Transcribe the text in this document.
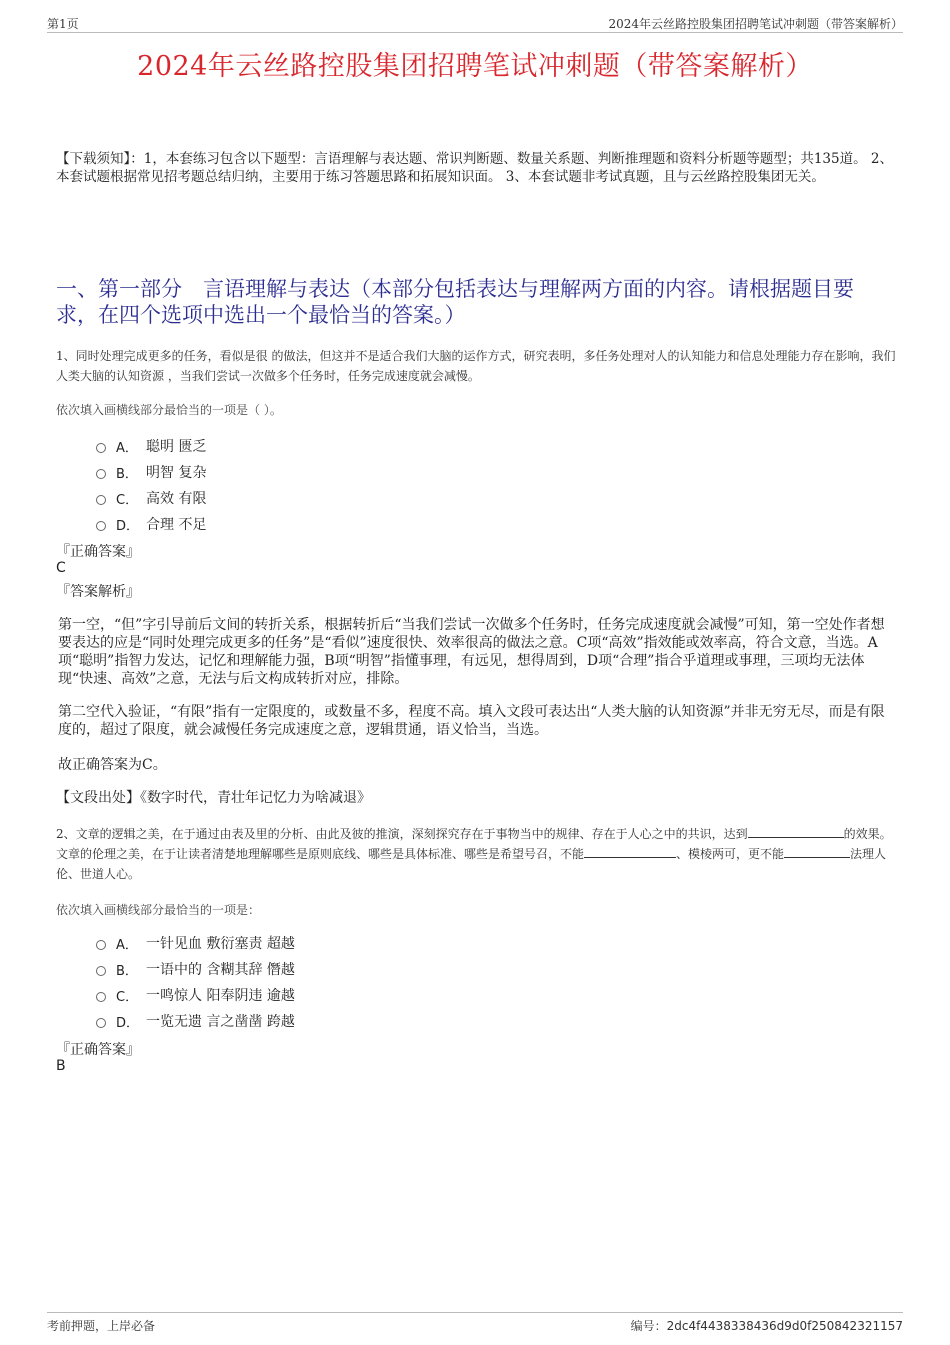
第1页	2024年云丝路控股集团招聘笔试冲刺题（带答案解析）
2024年云丝路控股集团招聘笔试冲刺题（带答案解析）
【下载须知】：1，本套练习包含以下题型：言语理解与表达题、常识判断题、数量关系题、判断推理题和资料分析题等题型；共135道。 2、本套试题根据常见招考题总结归纳，主要用于练习答题思路和拓展知识面。 3、本套试题非考试真题，且与云丝路控股集团无关。
一、第一部分　言语理解与表达（本部分包括表达与理解两方面的内容。请根据题目要求，在四个选项中选出一个最恰当的答案。）
1、同时处理完成更多的任务，看似是很 的做法，但这并不是适合我们大脑的运作方式，研究表明，多任务处理对人的认知能力和信息处理能力存在影响，我们人类大脑的认知资源 ，当我们尝试一次做多个任务时，任务完成速度就会减慢。
依次填入画横线部分最恰当的一项是（ ）。
A． 聪明 匮乏
B． 明智 复杂
C． 高效 有限
D． 合理 不足
『正确答案』
C
『答案解析』
第一空，“但”字引导前后文间的转折关系，根据转折后“当我们尝试一次做多个任务时，任务完成速度就会减慢”可知，第一空处作者想要表达的应是“同时处理完成更多的任务”是“看似”速度很快、效率很高的做法之意。C项“高效”指效能或效率高，符合文意，当选。A项“聪明”指智力发达，记忆和理解能力强，B项“明智”指懂事理，有远见，想得周到，D项“合理”指合乎道理或事理，三项均无法体现“快速、高效”之意，无法与后文构成转折对应，排除。
第二空代入验证，“有限”指有一定限度的，或数量不多，程度不高。填入文段可表达出“人类大脑的认知资源”并非无穷无尽，而是有限度的，超过了限度，就会减慢任务完成速度之意，逻辑贯通，语义恰当，当选。
故正确答案为C。
【文段出处】《数字时代，青壮年记忆力为啥减退》
2、文章的逻辑之美，在于通过由表及里的分析、由此及彼的推演，深刻探究存在于事物当中的规律、存在于人心之中的共识，达到	的效果。文章的伦理之美，在于让读者清楚地理解哪些是原则底线、哪些是具体标准、哪些是希望号召，不能	、模棱两可，更不能	法理人伦、世道人心。
依次填入画横线部分最恰当的一项是：
A． 一针见血 敷衍塞责 超越
B． 一语中的 含糊其辞 僭越
C． 一鸣惊人 阳奉阴违 逾越
D． 一览无遗 言之凿凿 跨越
『正确答案』
B
考前押题，上岸必备	编号：2dc4f4438338436d9d0f250842321157
